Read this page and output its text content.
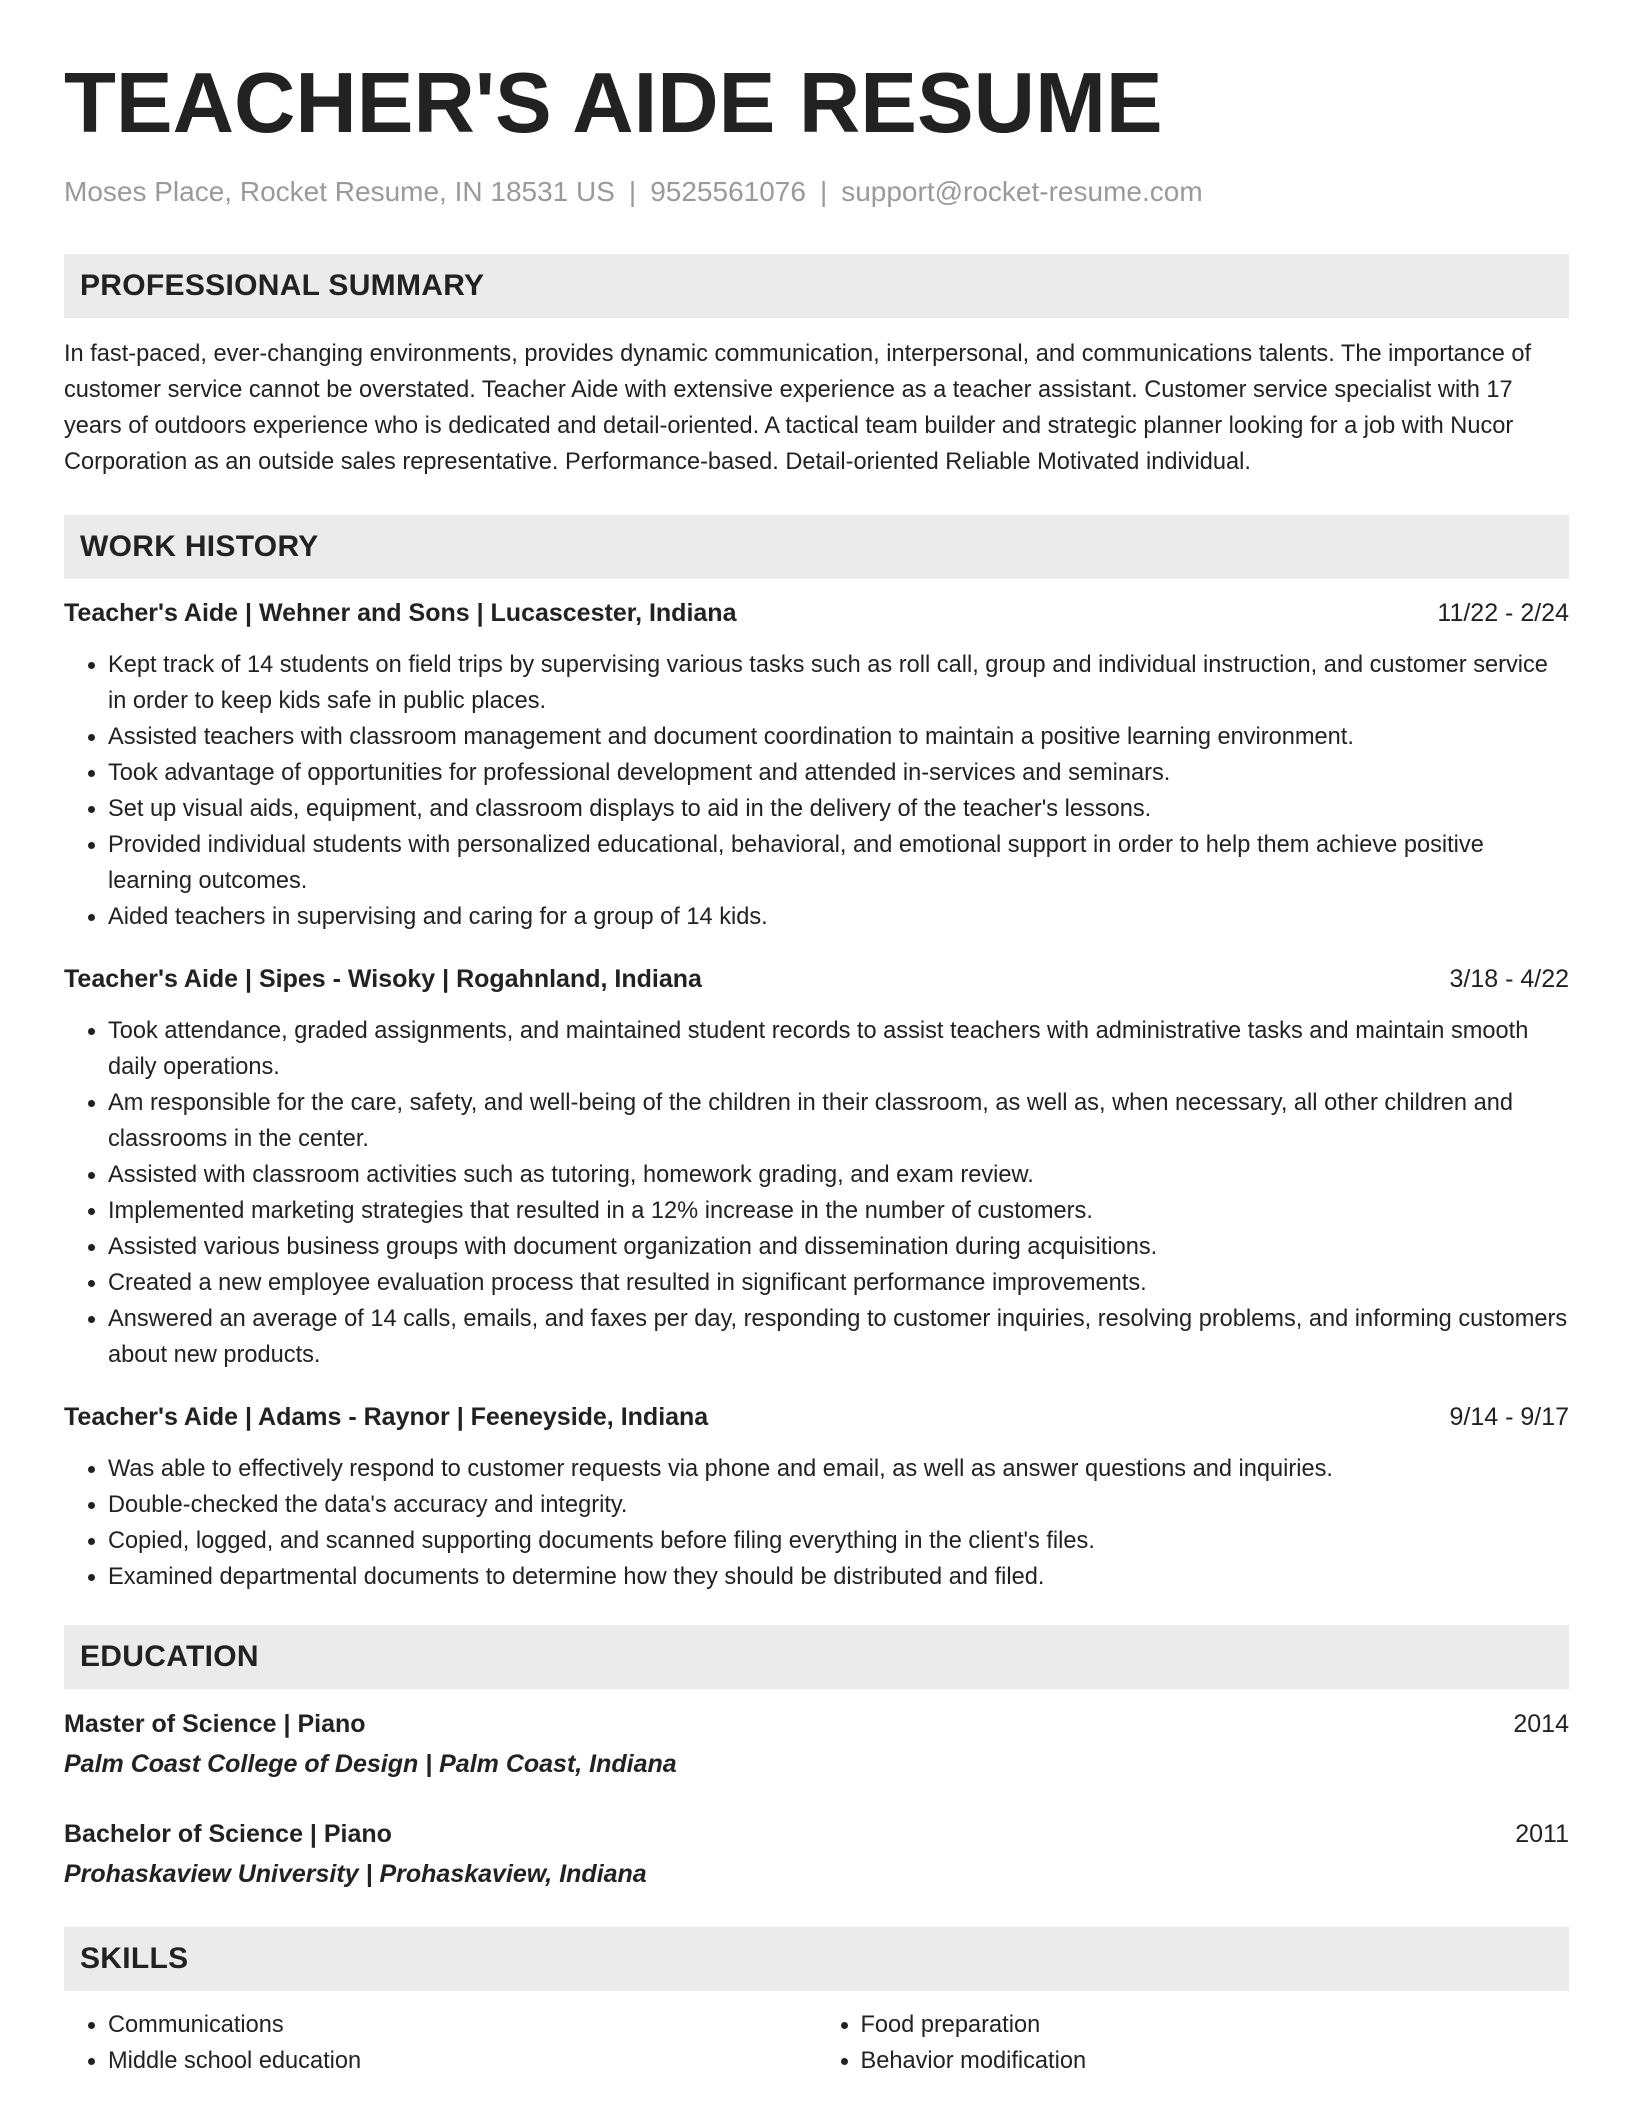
TEACHER'S AIDE RESUME
Moses Place, Rocket Resume, IN 18531 US | 9525561076 | support@rocket-resume.com
PROFESSIONAL SUMMARY

In fast-paced, ever-changing environments, provides dynamic communication, interpersonal, and communications talents. The importance of customer service cannot be overstated. Teacher Aide with extensive experience as a teacher assistant. Customer service specialist with 17 years of outdoors experience who is dedicated and detail-oriented. A tactical team builder and strategic planner looking for a job with Nucor Corporation as an outside sales representative. Performance-based. Detail-oriented Reliable Motivated individual.

WORK HISTORY
Teacher's Aide | Wehner and Sons | Lucascester, Indiana	11/22 - 2/24
• Kept track of 14 students on field trips by supervising various tasks such as roll call, group and individual instruction, and customer service in order to keep kids safe in public places.
• Assisted teachers with classroom management and document coordination to maintain a positive learning environment.
• Took advantage of opportunities for professional development and attended in-services and seminars.
• Set up visual aids, equipment, and classroom displays to aid in the delivery of the teacher's lessons.
• Provided individual students with personalized educational, behavioral, and emotional support in order to help them achieve positive learning outcomes.
• Aided teachers in supervising and caring for a group of 14 kids.
Teacher's Aide | Sipes - Wisoky | Rogahnland, Indiana	3/18 - 4/22
• Took attendance, graded assignments, and maintained student records to assist teachers with administrative tasks and maintain smooth daily operations.
• Am responsible for the care, safety, and well-being of the children in their classroom, as well as, when necessary, all other children and classrooms in the center.
• Assisted with classroom activities such as tutoring, homework grading, and exam review.
• Implemented marketing strategies that resulted in a 12% increase in the number of customers.
• Assisted various business groups with document organization and dissemination during acquisitions.
• Created a new employee evaluation process that resulted in significant performance improvements.
• Answered an average of 14 calls, emails, and faxes per day, responding to customer inquiries, resolving problems, and informing customers about new products.
Teacher's Aide | Adams - Raynor | Feeneyside, Indiana	9/14 - 9/17
• Was able to effectively respond to customer requests via phone and email, as well as answer questions and inquiries.
• Double-checked the data's accuracy and integrity.
• Copied, logged, and scanned supporting documents before filing everything in the client's files.
• Examined departmental documents to determine how they should be distributed and filed.
EDUCATION
Master of Science | Piano	2014
Palm Coast College of Design | Palm Coast, Indiana
Bachelor of Science | Piano	2011
Prohaskaview University | Prohaskaview, Indiana
SKILLS
• Communications
• Middle school education
• Food preparation
• Behavior modification
